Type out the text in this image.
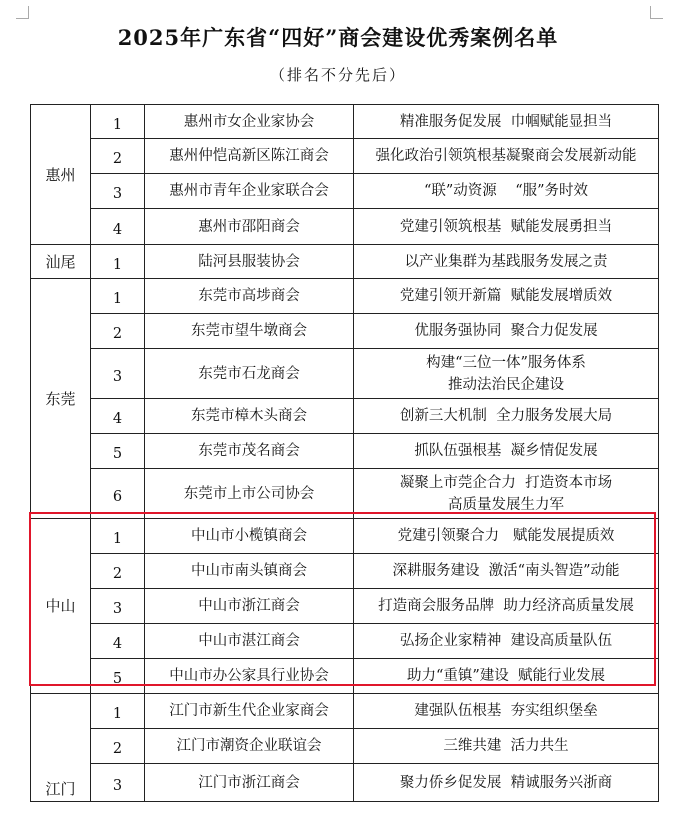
2025年广东省“四好”商会建设优秀案例名单
（排名不分先后）
惠州	1	惠州市女企业家协会	精准服务促发展  巾帼赋能显担当

	2	惠州仲恺高新区陈江商会	强化政治引领筑根基凝聚商会发展新动能

	3	惠州市青年企业家联合会	“联”动资源    “服”务时效

	4	惠州市邵阳商会	党建引领筑根基  赋能发展勇担当

汕尾	1	陆河县服装协会	以产业集群为基践服务发展之责

东莞	1	东莞市高埗商会	党建引领开新篇  赋能发展增质效

	2	东莞市望牛墩商会	优服务强协同  聚合力促发展

	3	东莞市石龙商会	构建“三位一体”服务体系
推动法治民企建设

	4	东莞市樟木头商会	创新三大机制  全力服务发展大局

	5	东莞市茂名商会	抓队伍强根基  凝乡情促发展

	6	东莞市上市公司协会	凝聚上市莞企合力  打造资本市场
高质量发展生力军

中山	1	中山市小榄镇商会	党建引领聚合力   赋能发展提质效

	2	中山市南头镇商会	深耕服务建设  激活“南头智造”动能

	3	中山市浙江商会	打造商会服务品牌  助力经济高质量发展

	4	中山市湛江商会	弘扬企业家精神  建设高质量队伍

	5	中山市办公家具行业协会	助力“重镇”建设  赋能行业发展

江门	1	江门市新生代企业家商会	建强队伍根基  夯实组织堡垒

	2	江门市潮资企业联谊会	三维共建  活力共生

	3	江门市浙江商会	聚力侨乡促发展  精诚服务兴浙商
